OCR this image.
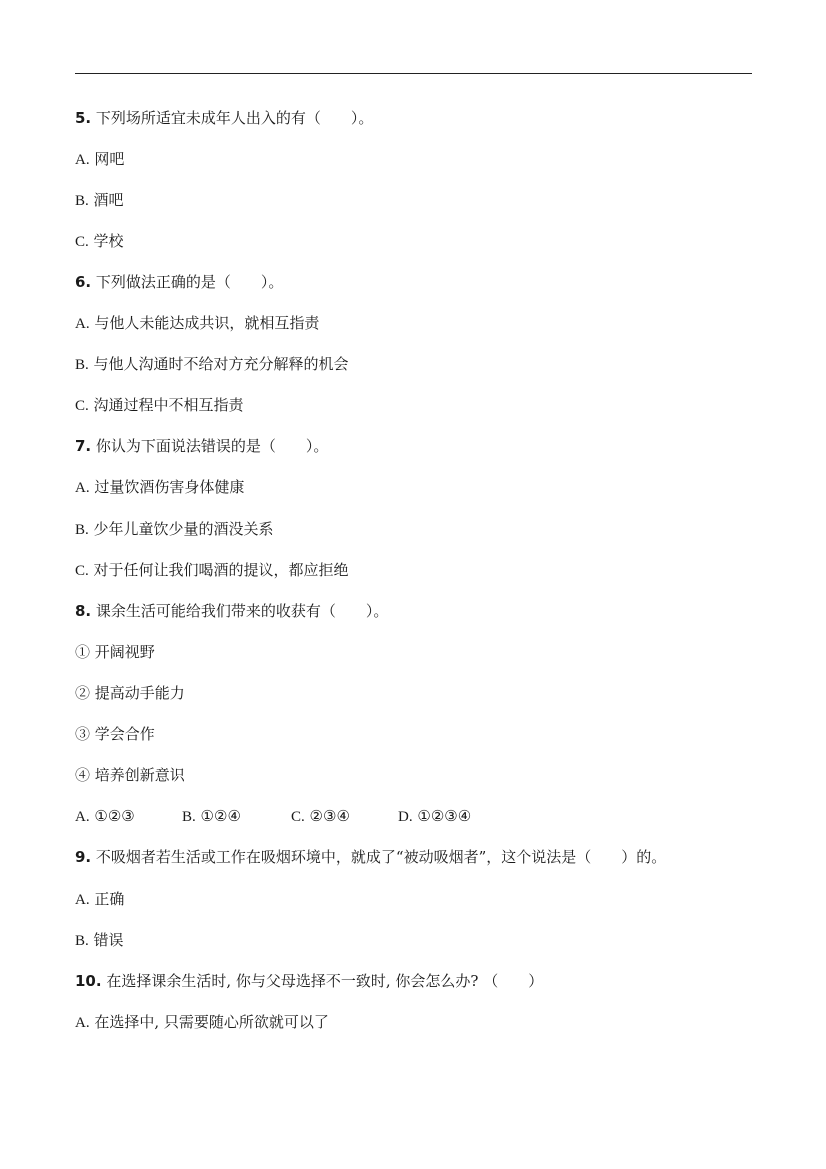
5. 下列场所适宜未成年人出入的有（　　）。
A. 网吧
B. 酒吧
C. 学校
6. 下列做法正确的是（　　）。
A. 与他人未能达成共识，就相互指责
B. 与他人沟通时不给对方充分解释的机会
C. 沟通过程中不相互指责
7. 你认为下面说法错误的是（　　）。
A. 过量饮酒伤害身体健康
B. 少年儿童饮少量的酒没关系
C. 对于任何让我们喝酒的提议，都应拒绝
8. 课余生活可能给我们带来的收获有（　　）。
① 开阔视野
② 提高动手能力
③ 学会合作
④ 培养创新意识
A. ①②③	B. ①②④	C. ②③④	D. ①②③④
9. 不吸烟者若生活或工作在吸烟环境中，就成了“被动吸烟者”，这个说法是（　　）的。
A. 正确
B. 错误
10. 在选择课余生活时, 你与父母选择不一致时, 你会怎么办? （　　）
A. 在选择中, 只需要随心所欲就可以了
